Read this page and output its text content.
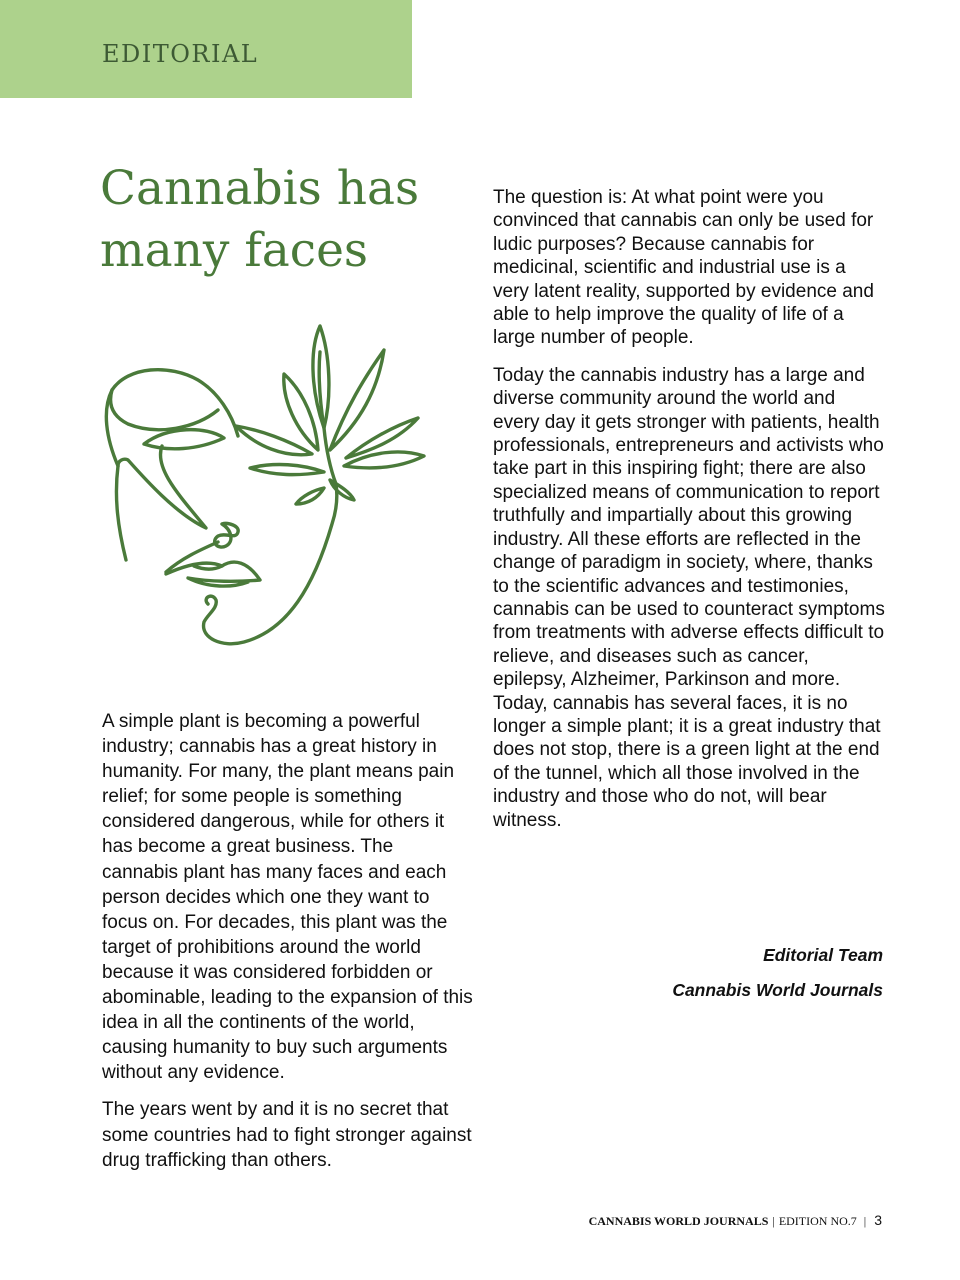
EDITORIAL
Cannabis has
many faces

A simple plant is becoming a powerful industry; cannabis has a great history in humanity. For many, the plant means pain relief; for some people is something considered dangerous, while for others it has become a great business. The cannabis plant has many faces and each person decides which one they want to focus on. For decades, this plant was the target of prohibitions around the world because it was considered forbidden or abominable, leading to the expansion of this idea in all the continents of the world, causing humanity to buy such arguments without any evidence.

The years went by and it is no secret that some countries had to fight stronger against drug trafficking than others.

The question is: At what point were you convinced that cannabis can only be used for ludic purposes? Because cannabis for medicinal, scientific and industrial use is a very latent reality, supported by evidence and able to help improve the quality of life of a large number of people.

Today the cannabis industry has a large and diverse community around the world and every day it gets stronger with patients, health professionals, entrepreneurs and activists who take part in this inspiring fight; there are also specialized means of communication to report truthfully and impartially about this growing industry. All these efforts are reflected in the change of paradigm in society, where, thanks to the scientific advances and testimonies, cannabis can be used to counteract symptoms from treatments with adverse effects difficult to relieve, and diseases such as cancer, epilepsy, Alzheimer, Parkinson and more. Today, cannabis has several faces, it is no longer a simple plant; it is a great industry that does not stop, there is a green light at the end of the tunnel, which all those involved in the industry and those who do not, will bear witness.

Editorial Team
Cannabis World Journals
CANNABIS WORLD JOURNALS | EDITION NO.7 | 3
